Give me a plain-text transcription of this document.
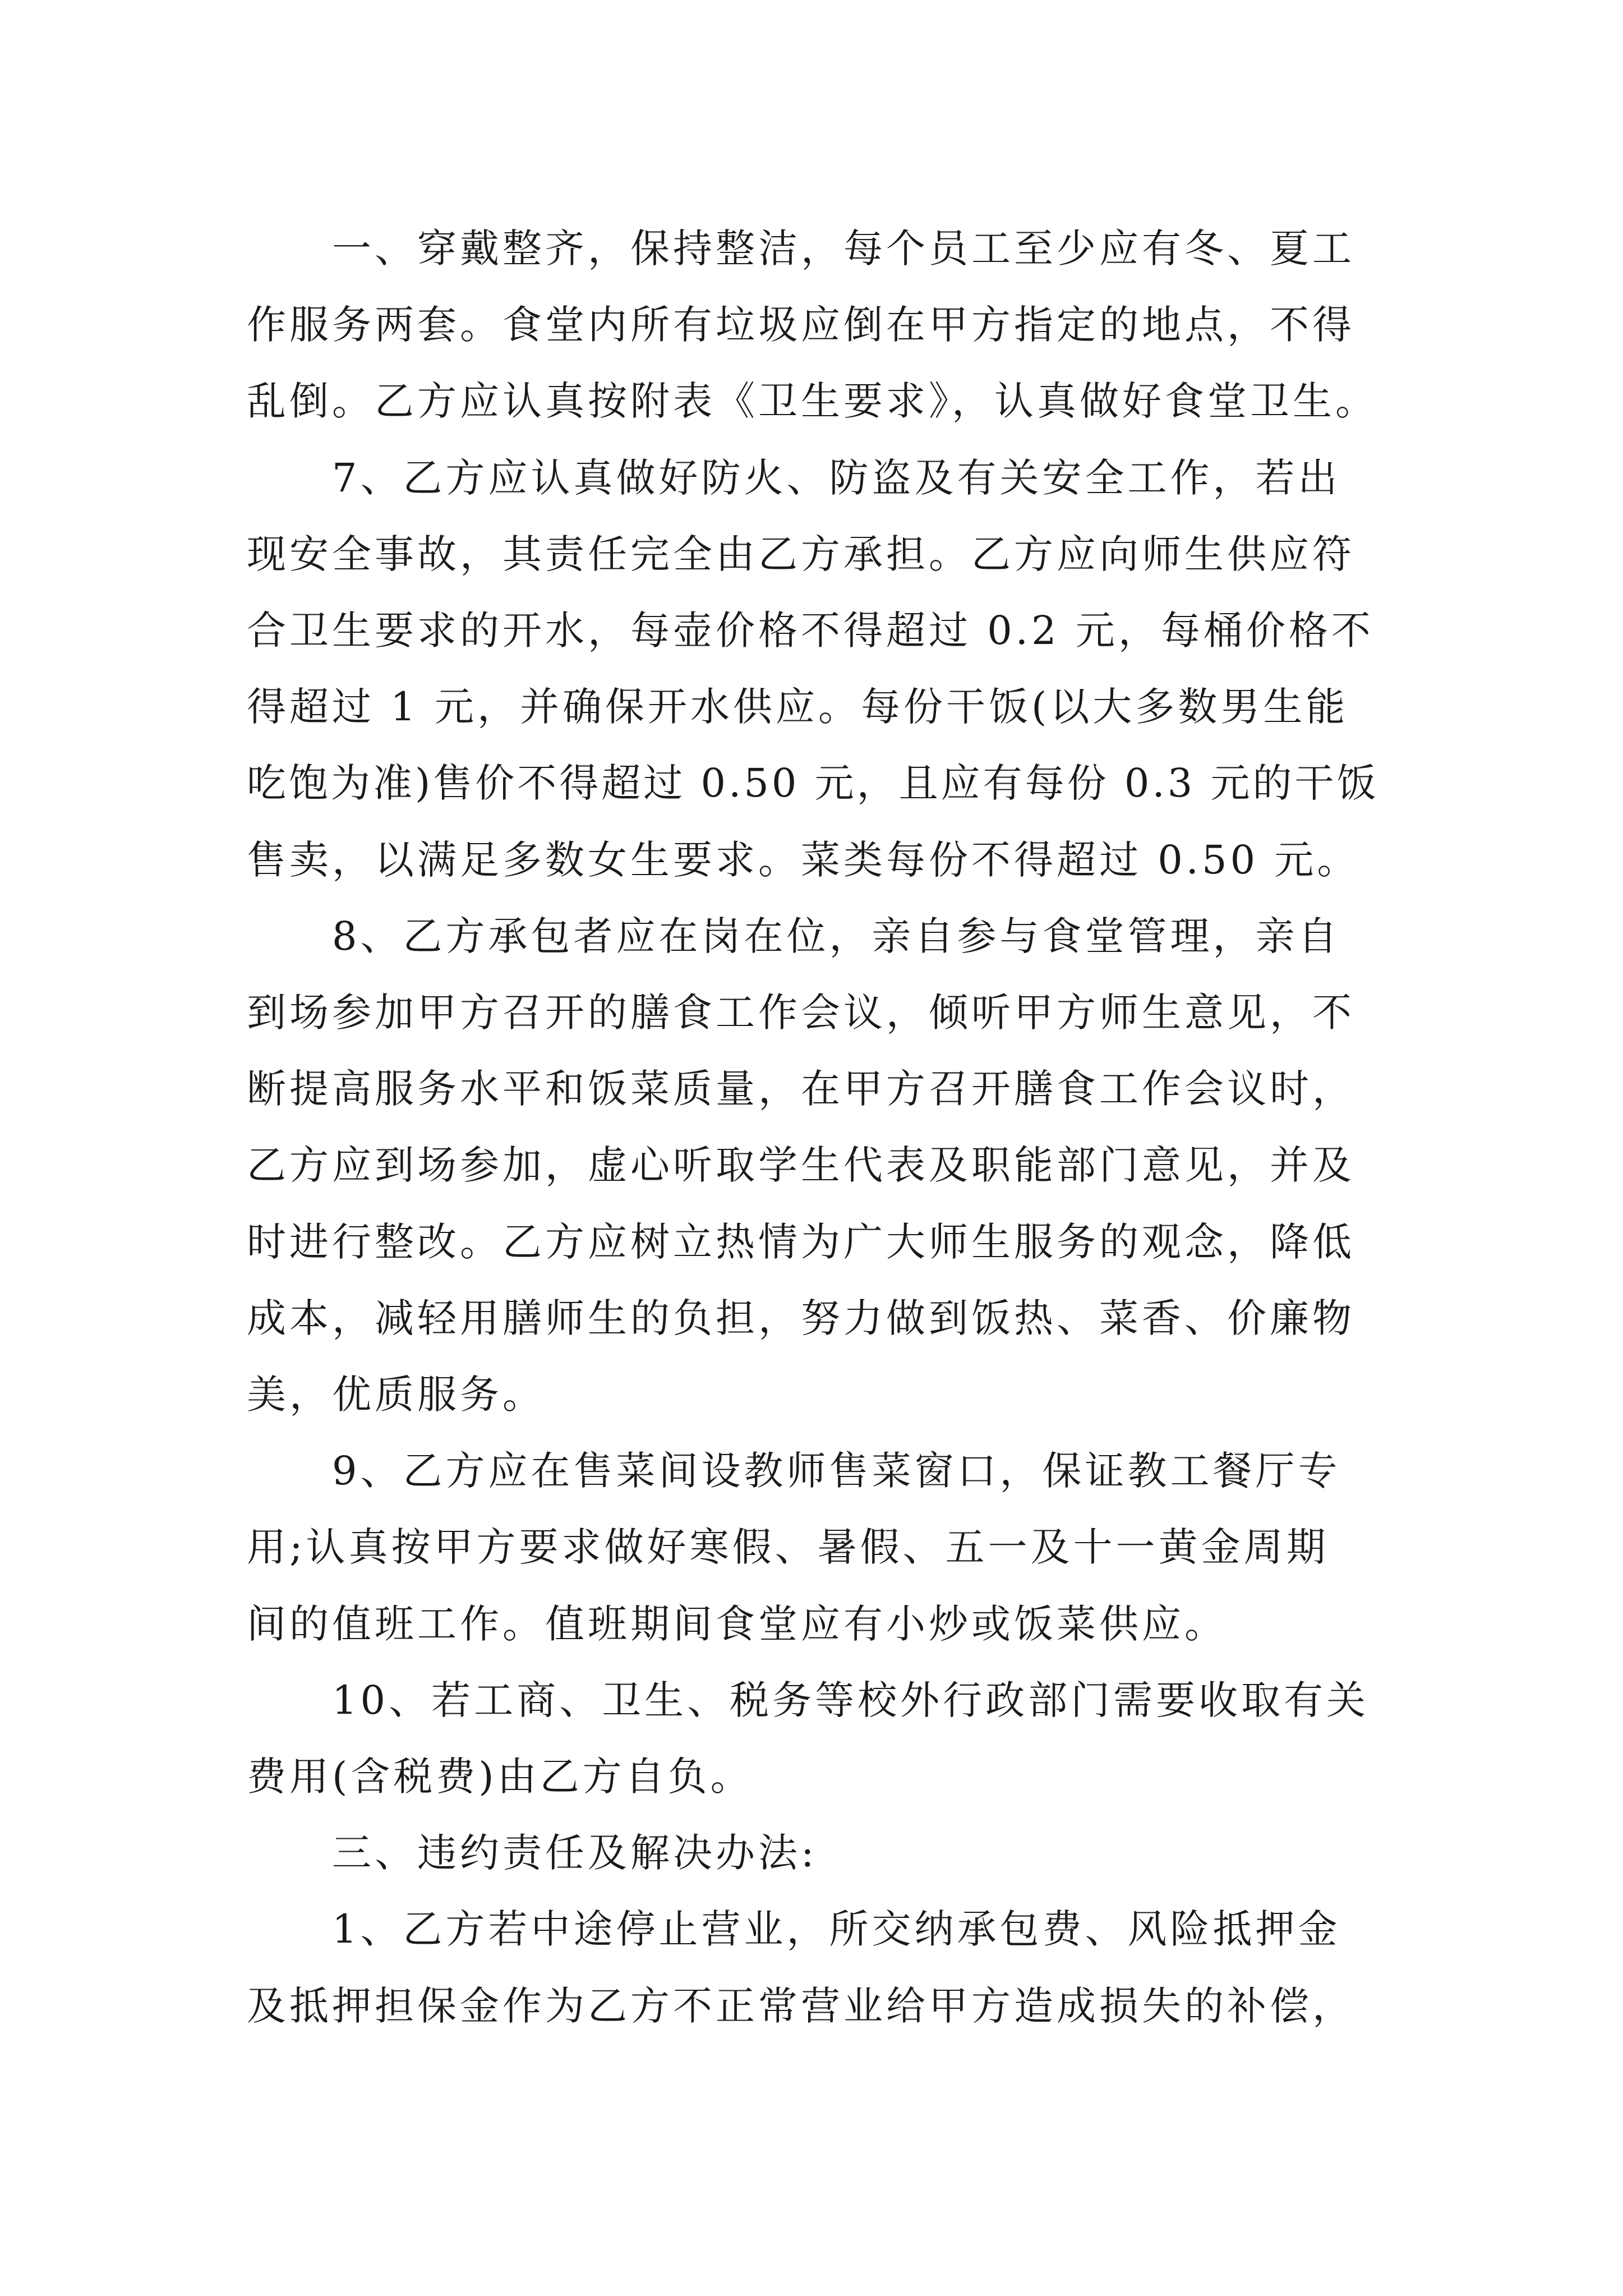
一、穿戴整齐，保持整洁，每个员工至少应有冬、夏工
作服务两套。食堂内所有垃圾应倒在甲方指定的地点，不得
乱倒。乙方应认真按附表《卫生要求》，认真做好食堂卫生。
7、乙方应认真做好防火、防盗及有关安全工作，若出
现安全事故，其责任完全由乙方承担。乙方应向师生供应符
合卫生要求的开水，每壶价格不得超过 0.2 元，每桶价格不
得超过 1 元，并确保开水供应。每份干饭(以大多数男生能
吃饱为准)售价不得超过 0.50 元，且应有每份 0.3 元的干饭
售卖，以满足多数女生要求。菜类每份不得超过 0.50 元。
8、乙方承包者应在岗在位，亲自参与食堂管理，亲自
到场参加甲方召开的膳食工作会议，倾听甲方师生意见，不
断提高服务水平和饭菜质量，在甲方召开膳食工作会议时，
乙方应到场参加，虚心听取学生代表及职能部门意见，并及
时进行整改。乙方应树立热情为广大师生服务的观念，降低
成本，减轻用膳师生的负担，努力做到饭热、菜香、价廉物
美，优质服务。
9、乙方应在售菜间设教师售菜窗口，保证教工餐厅专
用;认真按甲方要求做好寒假、暑假、五一及十一黄金周期
间的值班工作。值班期间食堂应有小炒或饭菜供应。
10、若工商、卫生、税务等校外行政部门需要收取有关
费用(含税费)由乙方自负。
三、违约责任及解决办法:
1、乙方若中途停止营业，所交纳承包费、风险抵押金
及抵押担保金作为乙方不正常营业给甲方造成损失的补偿，
